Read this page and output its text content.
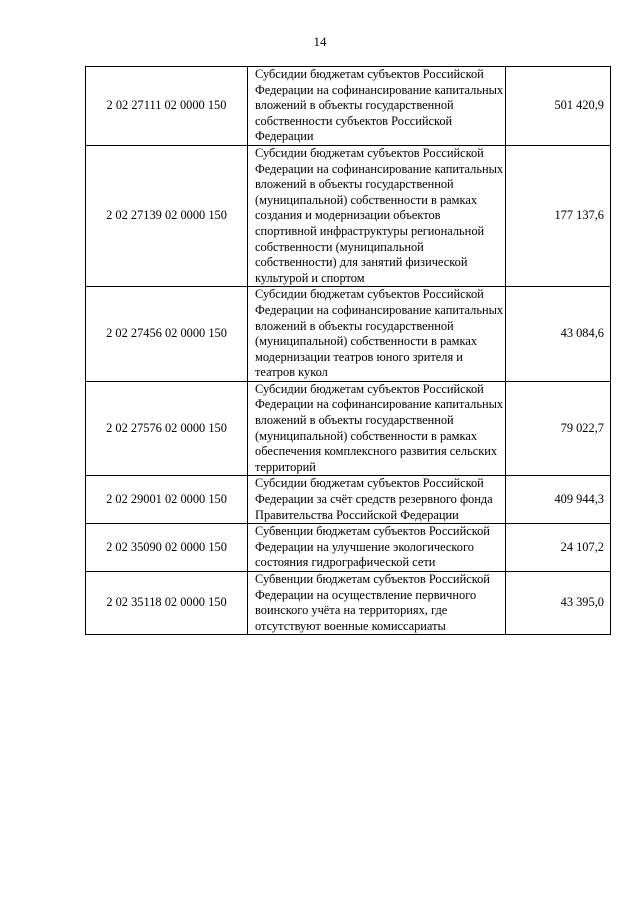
14
2 02 27111 02 0000 150	Субсидии бюджетам субъектов Российской Федерации на софинансирование капитальных вложений в объекты государственной собственности субъектов Российской Федерации	501 420,9
2 02 27139 02 0000 150	Субсидии бюджетам субъектов Российской Федерации на софинансирование капитальных вложений в объекты государственной (муниципальной) собственности в рамках создания и модернизации объектов спортивной инфраструктуры региональной собственности (муниципальной собственности) для занятий физической культурой и спортом	177 137,6
2 02 27456 02 0000 150	Субсидии бюджетам субъектов Российской Федерации на софинансирование капитальных вложений в объекты государственной (муниципальной) собственности в рамках модернизации театров юного зрителя и театров кукол	43 084,6
2 02 27576 02 0000 150	Субсидии бюджетам субъектов Российской Федерации на софинансирование капитальных вложений в объекты государственной (муниципальной) собственности в рамках обеспечения комплексного развития сельских территорий	79 022,7
2 02 29001 02 0000 150	Субсидии бюджетам субъектов Российской Федерации за счёт средств резервного фонда Правительства Российской Федерации	409 944,3
2 02 35090 02 0000 150	Субвенции бюджетам субъектов Российской Федерации на улучшение экологического состояния гидрографической сети	24 107,2
2 02 35118 02 0000 150	Субвенции бюджетам субъектов Российской Федерации на осуществление первичного воинского учёта на территориях, где отсутствуют военные комиссариаты	43 395,0
